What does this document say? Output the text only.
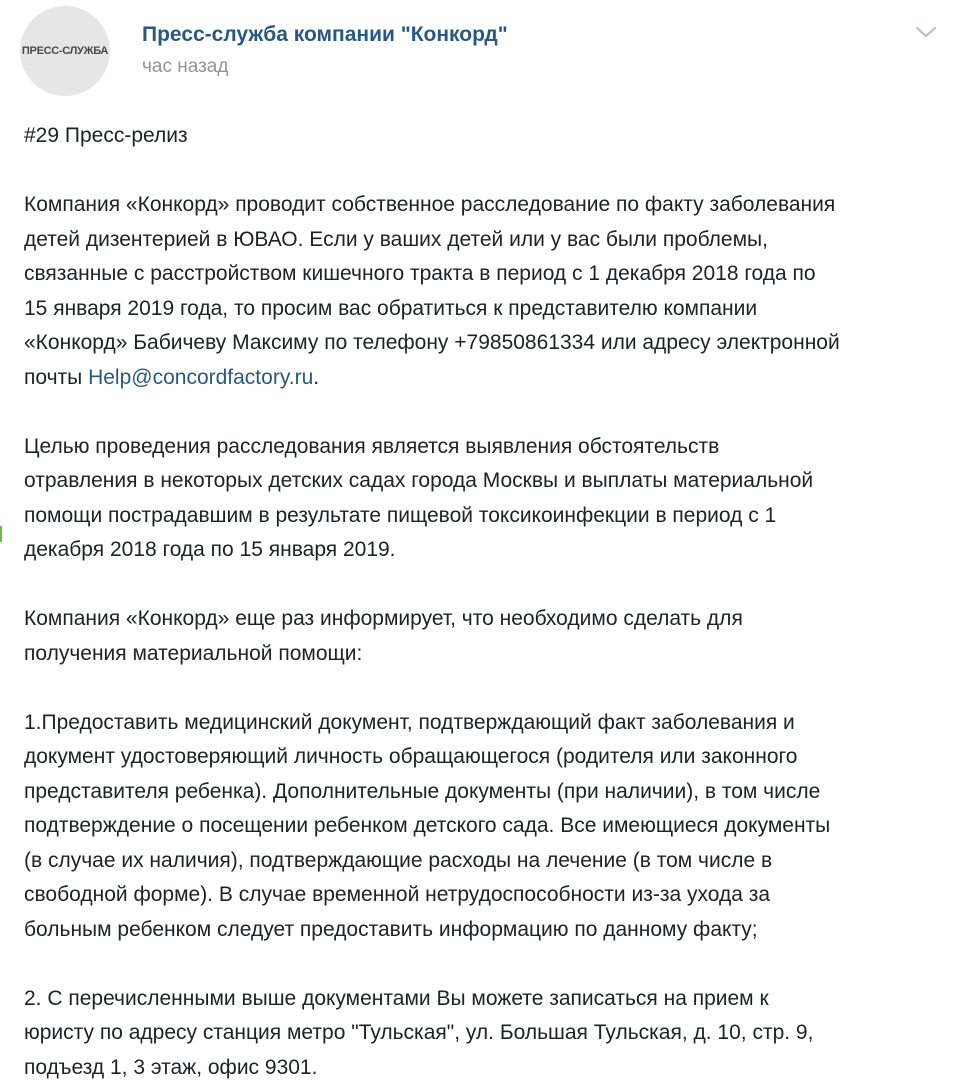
ПРЕСС-СЛУЖБА
Пресс-служба компании "Конкорд"
час назад

#29 Пресс-релиз

Компания «Конкорд» проводит собственное расследование по факту заболевания

детей дизентерией в ЮВАО. Если у ваших детей или у вас были проблемы,

связанные с расстройством кишечного тракта в период с 1 декабря 2018 года по

15 января 2019 года, то просим вас обратиться к представителю компании

«Конкорд» Бабичеву Максиму по телефону +79850861334 или адресу электронной

почты Help@concordfactory.ru.

Целью проведения расследования является выявления обстоятельств

отравления в некоторых детских садах города Москвы и выплаты материальной

помощи пострадавшим в результате пищевой токсикоинфекции в период с 1

декабря 2018 года по 15 января 2019.

Компания «Конкорд» еще раз информирует, что необходимо сделать для

получения материальной помощи:

1.Предоставить медицинский документ, подтверждающий факт заболевания и

документ удостоверяющий личность обращающегося (родителя или законного

представителя ребенка). Дополнительные документы (при наличии), в том числе

подтверждение о посещении ребенком детского сада. Все имеющиеся документы

(в случае их наличия), подтверждающие расходы на лечение (в том числе в

свободной форме). В случае временной нетрудоспособности из-за ухода за

больным ребенком следует предоставить информацию по данному факту;

2. С перечисленными выше документами Вы можете записаться на прием к

юристу по адресу станция метро "Тульская", ул. Большая Тульская, д. 10, стр. 9,

подъезд 1, 3 этаж, офис 9301.
